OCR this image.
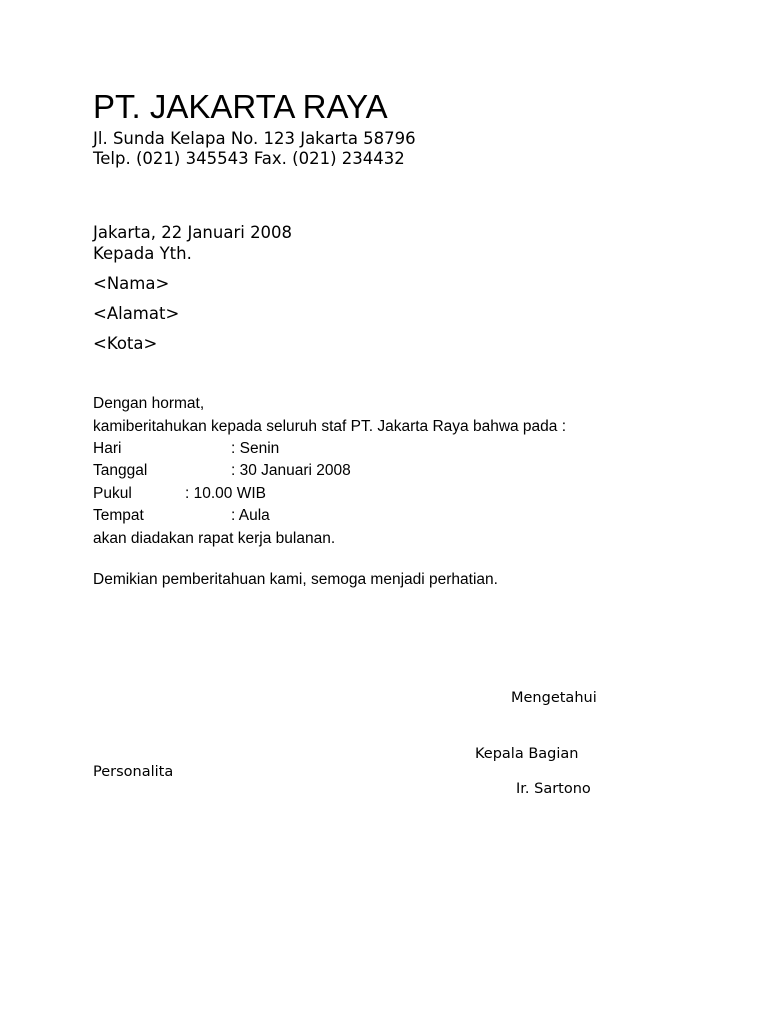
PT. JAKARTA RAYA
Jl. Sunda Kelapa No. 123 Jakarta 58796
Telp. (021) 345543 Fax. (021) 234432
Jakarta, 22 Januari 2008
Kepada Yth.
<Nama>
<Alamat>
<Kota>
Dengan hormat,
kamiberitahukan kepada seluruh staf PT. Jakarta Raya bahwa pada :
Hari	: Senin
Tanggal	: 30 Januari 2008
Pukul	: 10.00 WIB
Tempat	: Aula
akan diadakan rapat kerja bulanan.
Demikian pemberitahuan kami, semoga menjadi perhatian.
Mengetahui
Kepala Bagian
Personalita
Ir. Sartono
